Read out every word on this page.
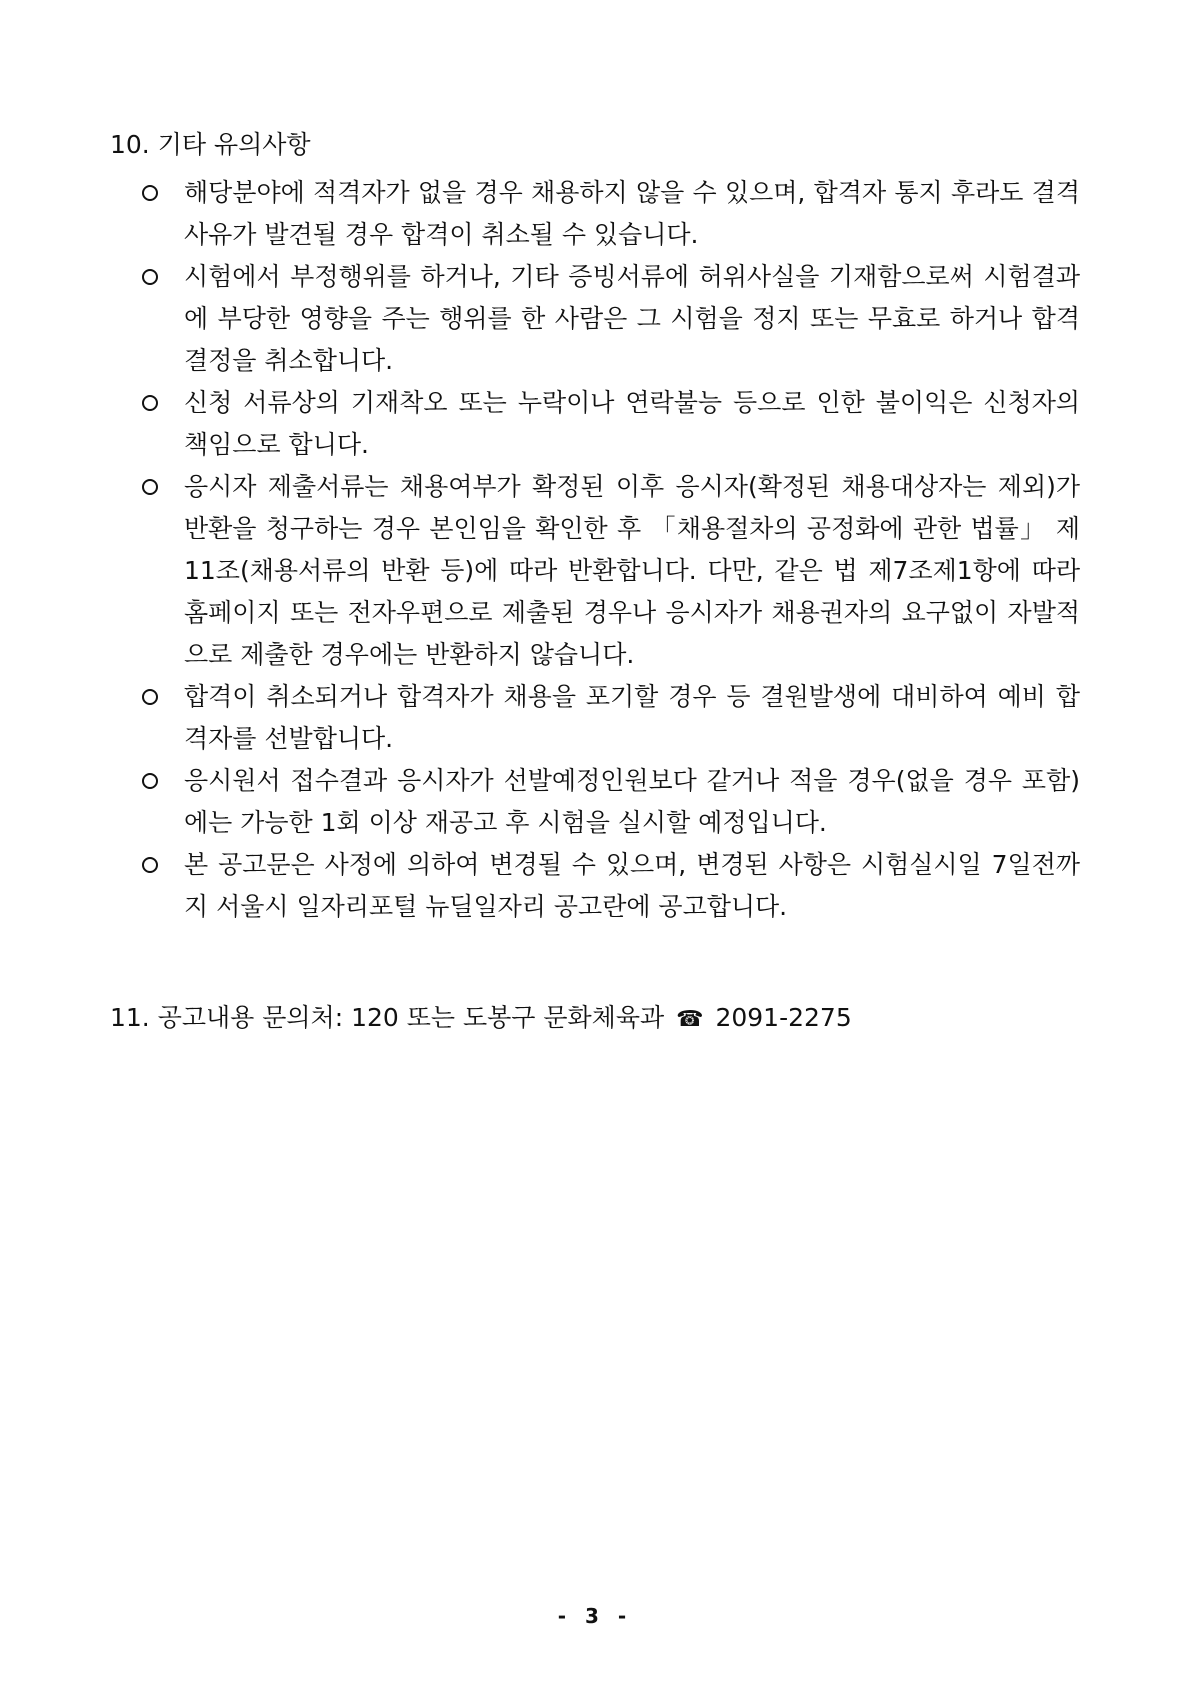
10. 기타 유의사항
해당분야에 적격자가 없을 경우 채용하지 않을 수 있으며, 합격자 통지 후라도 결격사유가 발견될 경우 합격이 취소될 수 있습니다.
시험에서 부정행위를 하거나, 기타 증빙서류에 허위사실을 기재함으로써 시험결과에 부당한 영향을 주는 행위를 한 사람은 그 시험을 정지 또는 무효로 하거나 합격 결정을 취소합니다.
신청 서류상의 기재착오 또는 누락이나 연락불능 등으로 인한 불이익은 신청자의 책임으로 합니다.
응시자 제출서류는 채용여부가 확정된 이후 응시자(확정된 채용대상자는 제외)가 반환을 청구하는 경우 본인임을 확인한 후 「채용절차의 공정화에 관한 법률」 제11조(채용서류의 반환 등)에 따라 반환합니다. 다만, 같은 법 제7조제1항에 따라 홈페이지 또는 전자우편으로 제출된 경우나 응시자가 채용권자의 요구없이 자발적으로 제출한 경우에는 반환하지 않습니다.
합격이 취소되거나 합격자가 채용을 포기할 경우 등 결원발생에 대비하여 예비 합격자를 선발합니다.
응시원서 접수결과 응시자가 선발예정인원보다 같거나 적을 경우(없을 경우 포함)에는 가능한 1회 이상 재공고 후 시험을 실시할 예정입니다.
본 공고문은 사정에 의하여 변경될 수 있으며, 변경된 사항은 시험실시일 7일전까지 서울시 일자리포털 뉴딜일자리 공고란에 공고합니다.
11. 공고내용 문의처: 120 또는 도봉구 문화체육과 ☎ 2091-2275
- 3 -
